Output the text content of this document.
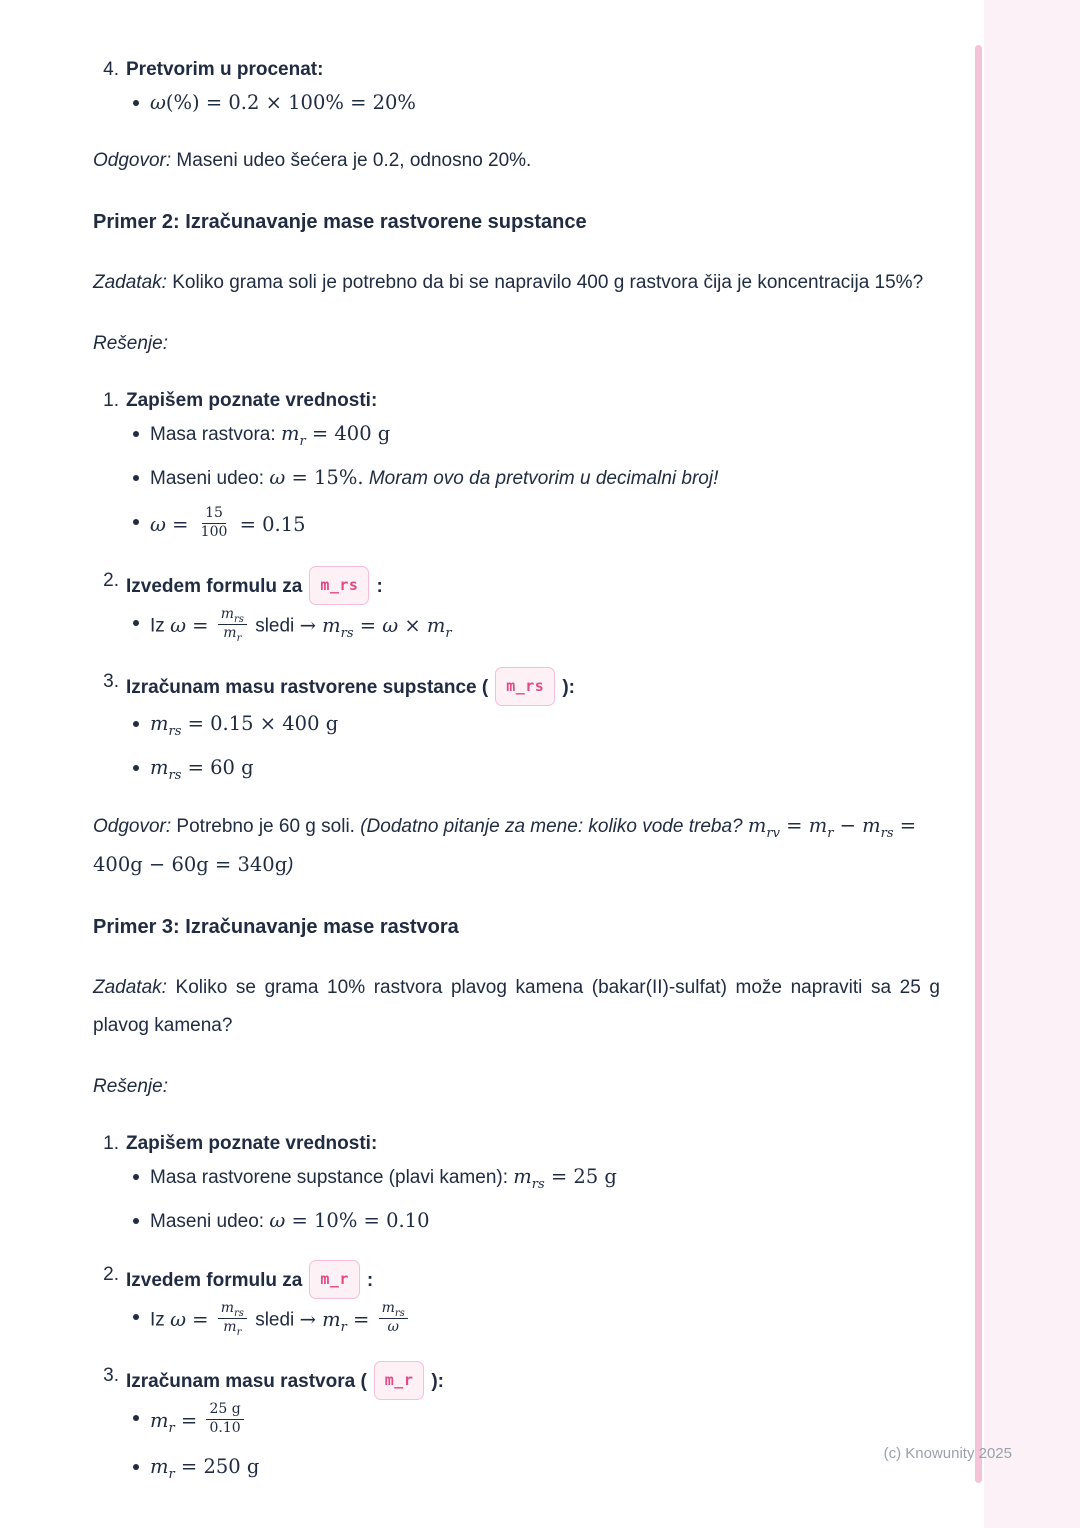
4. Pretvorim u procenat:
ω(%) = 0.2 × 100% = 20%

Odgovor: Maseni udeo šećera je 0.2, odnosno 20%.

Primer 2: Izračunavanje mase rastvorene supstance

Zadatak: Koliko grama soli je potrebno da bi se napravilo 400 g rastvora čija je koncentracija 15%?

Rešenje:

1. Zapišem poznate vrednosti:
Masa rastvora: $m_r = 400$ g
Maseni udeo: ω = 15%. Moram ovo da pretvorim u decimalni broj!
$\omega = \frac{15}{100} = 0.15$
2. Izvedem formulu za m_rs :
Iz $\omega = \frac{m_{rs}}{m_r}$ sledi → $m_{rs} = \omega \times m_r$
3. Izračunam masu rastvorene supstance ( m_rs ):
$m_{rs} = 0.15 \times 400$ g
$m_{rs} = 60$ g

Odgovor: Potrebno je 60 g soli. (Dodatno pitanje za mene: koliko vode treba? $m_{rv} = m_r - m_{rs} = 400g - 60g = 340g$)

Primer 3: Izračunavanje mase rastvora

Zadatak: Koliko se grama 10% rastvora plavog kamena (bakar(II)-sulfat) može napraviti sa 25 g plavog kamena?

Rešenje:

1. Zapišem poznate vrednosti:
Masa rastvorene supstance (plavi kamen): $m_{rs} = 25$ g
Maseni udeo: ω = 10% = 0.10
2. Izvedem formulu za m_r :
Iz $\omega = \frac{m_{rs}}{m_r}$ sledi → $m_r = \frac{m_{rs}}{\omega}$
3. Izračunam masu rastvora ( m_r ):
$m_r = \frac{25 g}{0.10}$
$m_r = 250$ g
(c) Knowunity 2025
